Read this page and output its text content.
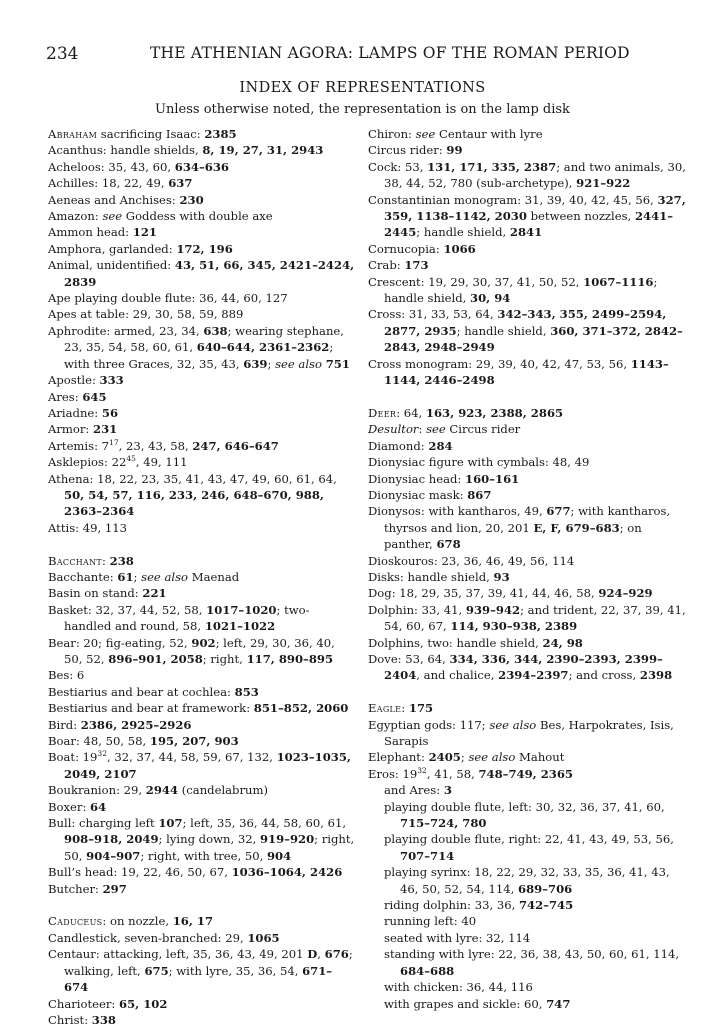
234	THE ATHENIAN AGORA: LAMPS OF THE ROMAN PERIOD
INDEX OF REPRESENTATIONS
Unless otherwise noted, the representation is on the lamp disk
Abraham sacrificing Isaac: 2385
Acanthus: handle shields, 8, 19, 27, 31, 2943
Acheloos: 35, 43, 60, 634–636
Achilles: 18, 22, 49, 637
Aeneas and Anchises: 230
Amazon: see Goddess with double axe
Ammon head: 121
Amphora, garlanded: 172, 196
Animal, unidentified: 43, 51, 66, 345, 2421–2424, 2839
Ape playing double flute: 36, 44, 60, 127
Apes at table: 29, 30, 58, 59, 889
Aphrodite: armed, 23, 34, 638; wearing stephane, 23, 35, 54, 58, 60, 61, 640–644, 2361–2362; with three Graces, 32, 35, 43, 639; see also 751
Apostle: 333
Ares: 645
Ariadne: 56
Armor: 231
Artemis: $7^{17}$, 23, 43, 58, 247, 646–647
Asklepios: $22^{45}$, 49, 111
Athena: 18, 22, 23, 35, 41, 43, 47, 49, 60, 61, 64, 50, 54, 57, 116, 233, 246, 648–670, 988, 2363–2364
Attis: 49, 113
Bacchant: 238
Bacchante: 61; see also Maenad
Basin on stand: 221
Basket: 32, 37, 44, 52, 58, 1017–1020; two-handled and round, 58, 1021–1022
Bear: 20; fig-eating, 52, 902; left, 29, 30, 36, 40, 50, 52, 896–901, 2058; right, 117, 890–895
Bes: 6
Bestiarius and bear at cochlea: 853
Bestiarius and bear at framework: 851–852, 2060
Bird: 2386, 2925–2926
Boar: 48, 50, 58, 195, 207, 903
Boat: $19^{32}$, 32, 37, 44, 58, 59, 67, 132, 1023–1035, 2049, 2107
Boukranion: 29, 2944 (candelabrum)
Boxer: 64
Bull: charging left 107; left, 35, 36, 44, 58, 60, 61, 908–918, 2049; lying down, 32, 919–920; right, 50, 904–907; right, with tree, 50, 904
Bull’s head: 19, 22, 46, 50, 67, 1036–1064, 2426
Butcher: 297
Caduceus: on nozzle, 16, 17
Candlestick, seven-branched: 29, 1065
Centaur: attacking, left, 35, 36, 43, 49, 201 D, 676; walking, left, 675; with lyre, 35, 36, 54, 671–674
Charioteer: 65, 102
Christ: 338
Chiron: see Centaur with lyre
Circus rider: 99
Cock: 53, 131, 171, 335, 2387; and two animals, 30, 38, 44, 52, 780 (sub-archetype), 921–922
Constantinian monogram: 31, 39, 40, 42, 45, 56, 327, 359, 1138–1142, 2030 between nozzles, 2441–2445; handle shield, 2841
Cornucopia: 1066
Crab: 173
Crescent: 19, 29, 30, 37, 41, 50, 52, 1067–1116; handle shield, 30, 94
Cross: 31, 33, 53, 64, 342–343, 355, 2499–2594, 2877, 2935; handle shield, 360, 371–372, 2842–2843, 2948–2949
Cross monogram: 29, 39, 40, 42, 47, 53, 56, 1143–1144, 2446–2498
Deer: 64, 163, 923, 2388, 2865
Desultor: see Circus rider
Diamond: 284
Dionysiac figure with cymbals: 48, 49
Dionysiac head: 160–161
Dionysiac mask: 867
Dionysos: with kantharos, 49, 677; with kantharos, thyrsos and lion, 20, 201 E, F, 679–683; on panther, 678
Dioskouros: 23, 36, 46, 49, 56, 114
Disks: handle shield, 93
Dog: 18, 29, 35, 37, 39, 41, 44, 46, 58, 924–929
Dolphin: 33, 41, 939–942; and trident, 22, 37, 39, 41, 54, 60, 67, 114, 930–938, 2389
Dolphins, two: handle shield, 24, 98
Dove: 53, 64, 334, 336, 344, 2390–2393, 2399–2404, and chalice, 2394–2397; and cross, 2398
Eagle: 175
Egyptian gods: 117; see also Bes, Harpokrates, Isis, Sarapis
Elephant: 2405; see also Mahout
Eros: $19^{32}$, 41, 58, 748–749, 2365
and Ares: 3
playing double flute, left: 30, 32, 36, 37, 41, 60, 715–724, 780
playing double flute, right: 22, 41, 43, 49, 53, 56, 707–714
playing syrinx: 18, 22, 29, 32, 33, 35, 36, 41, 43, 46, 50, 52, 54, 114, 689–706
riding dolphin: 33, 36, 742–745
running left: 40
seated with lyre: 32, 114
standing with lyre: 22, 36, 38, 43, 50, 60, 61, 114, 684–688
with chicken: 36, 44, 116
with grapes and sickle: 60, 747
